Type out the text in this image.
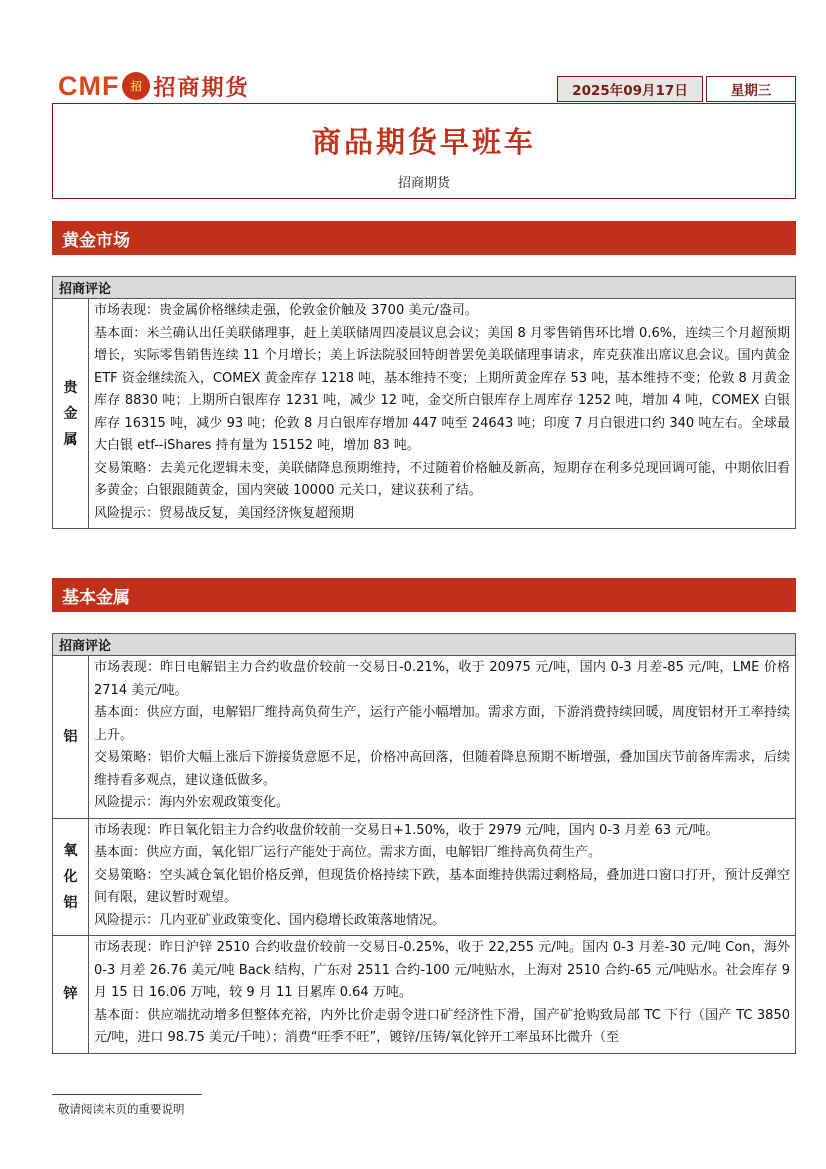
CMF	招 招商期货	2025年09月17日	星期三
商品期货早班车
招商期货
黄金市场
招商评论
贵金属

市场表现：贵金属价格继续走强，伦敦金价触及 3700 美元/盎司。

基本面：米兰确认出任美联储理事，赶上美联储周四凌晨议息会议；美国 8 月零售销售环比增 0.6%，连续三个月超预期增长，实际零售销售连续 11 个月增长；美上诉法院驳回特朗普罢免美联储理事请求，库克获准出席议息会议。国内黄金 ETF 资金继续流入，COMEX 黄金库存 1218 吨，基本维持不变；上期所黄金库存 53 吨，基本维持不变；伦敦 8 月黄金库存 8830 吨；上期所白银库存 1231 吨，减少 12 吨，金交所白银库存上周库存 1252 吨，增加 4 吨，COMEX 白银库存 16315 吨，减少 93 吨；伦敦 8 月白银库存增加 447 吨至 24643 吨；印度 7 月白银进口约 340 吨左右。全球最大白银 etf--iShares 持有量为 15152 吨，增加 83 吨。

交易策略：去美元化逻辑未变，美联储降息预期维持，不过随着价格触及新高，短期存在利多兑现回调可能，中期依旧看多黄金；白银跟随黄金，国内突破 10000 元关口，建议获利了结。

风险提示：贸易战反复，美国经济恢复超预期

基本金属
招商评论
铝

市场表现：昨日电解铝主力合约收盘价较前一交易日-0.21%，收于 20975 元/吨，国内 0-3 月差-85 元/吨，LME 价格 2714 美元/吨。

基本面：供应方面，电解铝厂维持高负荷生产，运行产能小幅增加。需求方面，下游消费持续回暖，周度铝材开工率持续上升。

交易策略：铝价大幅上涨后下游接货意愿不足，价格冲高回落，但随着降息预期不断增强，叠加国庆节前备库需求，后续维持看多观点，建议逢低做多。

风险提示：海内外宏观政策变化。

氧化铝

市场表现：昨日氧化铝主力合约收盘价较前一交易日+1.50%，收于 2979 元/吨，国内 0-3 月差 63 元/吨。

基本面：供应方面，氧化铝厂运行产能处于高位。需求方面，电解铝厂维持高负荷生产。

交易策略：空头减仓氧化铝价格反弹，但现货价格持续下跌，基本面维持供需过剩格局，叠加进口窗口打开，预计反弹空间有限，建议暂时观望。

风险提示：几内亚矿业政策变化、国内稳增长政策落地情况。

锌

市场表现：昨日沪锌 2510 合约收盘价较前一交易日-0.25%，收于 22,255 元/吨。国内 0-3 月差-30 元/吨 Con，海外 0-3 月差 26.76 美元/吨 Back 结构，广东对 2511 合约-100 元/吨贴水，上海对 2510 合约-65 元/吨贴水。社会库存 9 月 15 日 16.06 万吨，较 9 月 11 日累库 0.64 万吨。

基本面：供应端扰动增多但整体充裕，内外比价走弱令进口矿经济性下滑，国产矿抢购致局部 TC 下行（国产 TC 3850 元/吨，进口 98.75 美元/千吨）；消费“旺季不旺”，镀锌/压铸/氧化锌开工率虽环比微升（至

敬请阅读末页的重要说明
